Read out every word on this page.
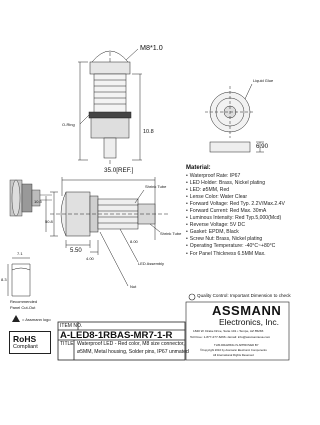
M8*1.0
O-Ring
Liquid Glue
6.90
35.0[REF.]
5.50
4.00
10.5
8.00
10.8
Shrink Tube
LED Assembly
Shrink Tube
Nut
50.8
7.1
8.3
Recommended
Panel Cut-Out
= Assmann logo
RoHS
Compliant
Material:
• Waterproof Rate: IP67
• LED Holder: Brass, Nickel plating
• LED: ø5MM, Red
• Lense Color: Water Clear
• Forward Voltage: Red Typ. 2.2V/Max.2.4V
• Forward Current: Red Max. 30mA
• Luminous Intensity: Red Typ.5,000(Mcd)
• Reverse Voltage: 5V DC
• Gasket: EPDM, Black
• Screw Nut: Brass, Nickel plating
• Operating Temperature: -40°C~+80°C
• For Panel Thickness 6.5MM Max.
Quality Control: Important Dimension to check
ASSMANN
Electronics, Inc.
1840 W. Drake Drive, Suite 101 • Tempe, AZ 85283
Toll Free: 1-877-277-6266 • Email: info@assmannusa.com
THIS DRAWING IS APPROVED BY
©Copyright 2010 by Assmann Electronic Components
All International Rights Reserved
ITEM NO.
A-LED8-1RBAS-MR7-1-R
TITLE Waterproof LED - Red color, M8 size connector,
ø5MM, Metal housing, Solder pins, IP67 unmated
